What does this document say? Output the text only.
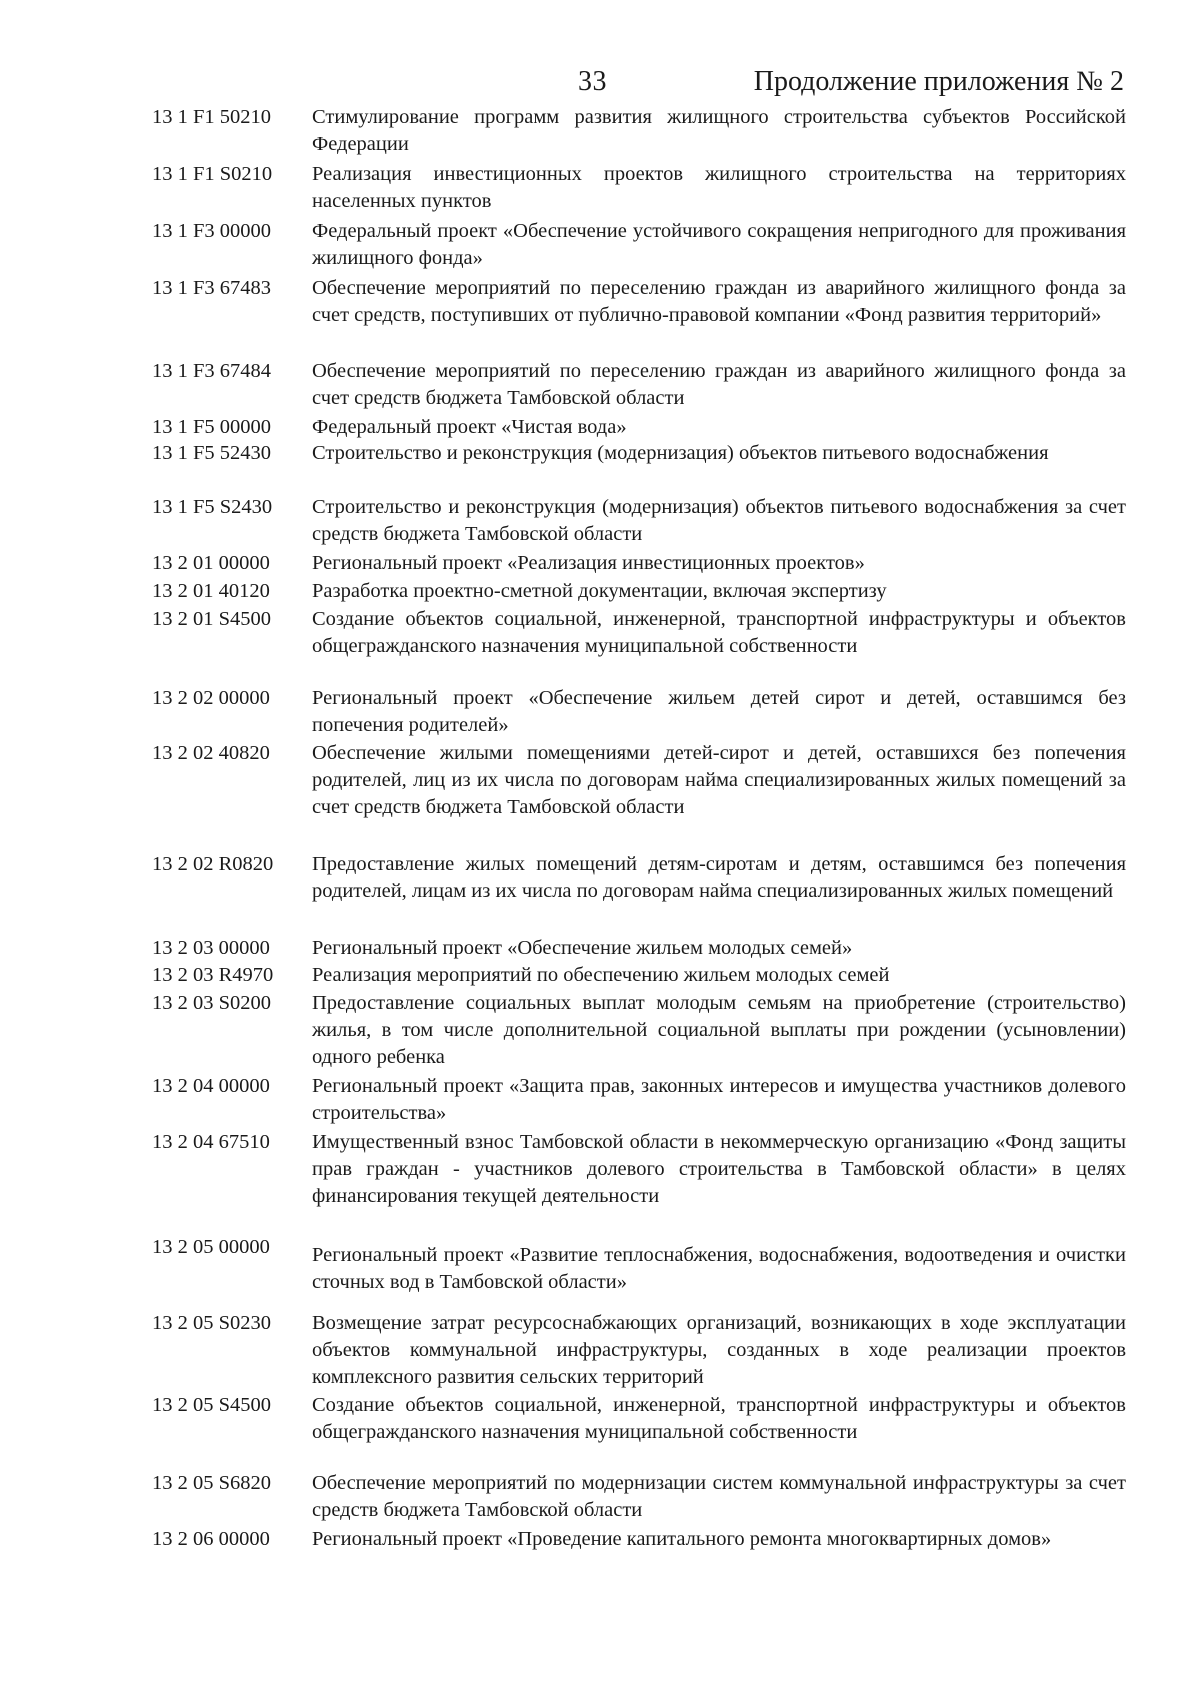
33	Продолжение приложения № 2
13 1 F1 50210	Стимулирование программ развития жилищного строительства субъектов Российской Федерации
13 1 F1 S0210	Реализация инвестиционных проектов жилищного строительства на территориях населенных пунктов
13 1 F3 00000	Федеральный проект «Обеспечение устойчивого сокращения непригодного для проживания жилищного фонда»
13 1 F3 67483	Обеспечение мероприятий по переселению граждан из аварийного жилищного фонда за счет средств, поступивших от публично-правовой компании «Фонд развития территорий»
13 1 F3 67484	Обеспечение мероприятий по переселению граждан из аварийного жилищного фонда за счет средств бюджета Тамбовской области
13 1 F5 00000	Федеральный проект «Чистая вода»
13 1 F5 52430	Строительство и реконструкция (модернизация) объектов питьевого водоснабжения
13 1 F5 S2430	Строительство и реконструкция (модернизация) объектов питьевого водоснабжения за счет средств бюджета Тамбовской области
13 2 01 00000	Региональный проект «Реализация инвестиционных проектов»
13 2 01 40120	Разработка проектно-сметной документации, включая экспертизу
13 2 01 S4500	Создание объектов социальной, инженерной, транспортной инфраструктуры и объектов общегражданского назначения муниципальной собственности
13 2 02 00000	Региональный проект «Обеспечение жильем детей сирот и детей, оставшимся без попечения родителей»
13 2 02 40820	Обеспечение жилыми помещениями детей-сирот и детей, оставшихся без попечения родителей, лиц из их числа по договорам найма специализированных жилых помещений за счет средств бюджета Тамбовской области
13 2 02 R0820	Предоставление жилых помещений детям-сиротам и детям, оставшимся без попечения родителей, лицам из их числа по договорам найма специализированных жилых помещений
13 2 03 00000	Региональный проект «Обеспечение жильем молодых семей»
13 2 03 R4970	Реализация мероприятий по обеспечению жильем молодых семей
13 2 03 S0200	Предоставление социальных выплат молодым семьям на приобретение (строительство) жилья, в том числе дополнительной социальной выплаты при рождении (усыновлении) одного ребенка
13 2 04 00000	Региональный проект «Защита прав, законных интересов и имущества участников долевого строительства»
13 2 04 67510	Имущественный взнос Тамбовской области в некоммерческую организацию «Фонд защиты прав граждан - участников долевого строительства в Тамбовской области» в целях финансирования текущей деятельности
13 2 05 00000	Региональный проект «Развитие теплоснабжения, водоснабжения, водоотведения и очистки сточных вод в Тамбовской области»
13 2 05 S0230	Возмещение затрат ресурсоснабжающих организаций, возникающих в ходе эксплуатации объектов коммунальной инфраструктуры, созданных в ходе реализации проектов комплексного развития сельских территорий
13 2 05 S4500	Создание объектов социальной, инженерной, транспортной инфраструктуры и объектов общегражданского назначения муниципальной собственности
13 2 05 S6820	Обеспечение мероприятий по модернизации систем коммунальной инфраструктуры за счет средств бюджета Тамбовской области
13 2 06 00000	Региональный проект «Проведение капитального ремонта многоквартирных домов»
